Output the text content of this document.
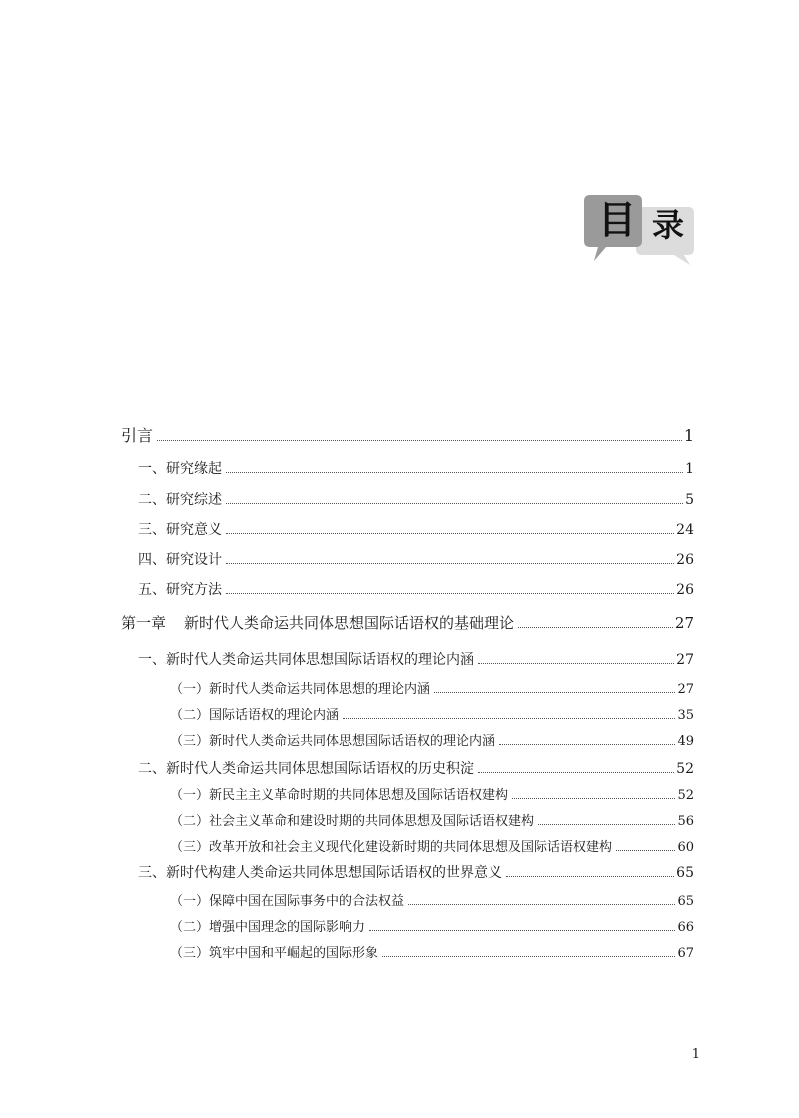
目 录
引言	1
一、研究缘起	1
二、研究综述	5
三、研究意义	24
四、研究设计	26
五、研究方法	26
第一章 新时代人类命运共同体思想国际话语权的基础理论	27
一、新时代人类命运共同体思想国际话语权的理论内涵	27
（一）新时代人类命运共同体思想的理论内涵	27
（二）国际话语权的理论内涵	35
（三）新时代人类命运共同体思想国际话语权的理论内涵	49
二、新时代人类命运共同体思想国际话语权的历史积淀	52
（一）新民主主义革命时期的共同体思想及国际话语权建构	52
（二）社会主义革命和建设时期的共同体思想及国际话语权建构	56
（三）改革开放和社会主义现代化建设新时期的共同体思想及国际话语权建构	60
三、新时代构建人类命运共同体思想国际话语权的世界意义	65
（一）保障中国在国际事务中的合法权益	65
（二）增强中国理念的国际影响力	66
（三）筑牢中国和平崛起的国际形象	67
1
